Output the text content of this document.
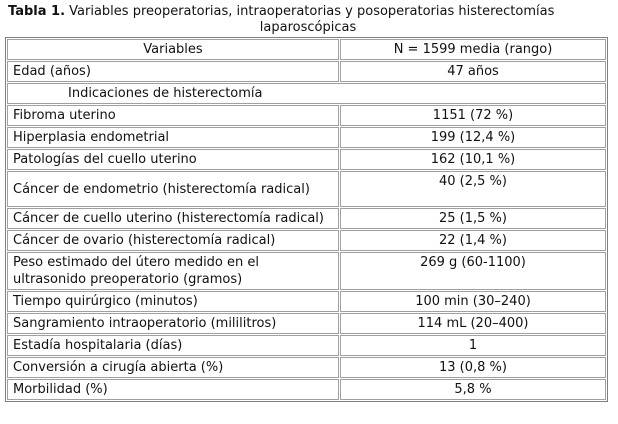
Tabla 1. Variables preoperatorias, intraoperatorias y posoperatorias histerectomías
laparoscópicas
Variables	N = 1599 media (rango)
Edad (años)	47 años
Indicaciones de histerectomía	
Fibroma uterino	1151 (72 %)
Hiperplasia endometrial	199 (12,4 %)
Patologías del cuello uterino	162 (10,1 %)
Cáncer de endometrio (histerectomía radical)	40 (2,5 %)
Cáncer de cuello uterino (histerectomía radical)	25 (1,5 %)
Cáncer de ovario (histerectomía radical)	22 (1,4 %)
Peso estimado del útero medido en el ultrasonido preoperatorio (gramos)	269 g (60-1100)
Tiempo quirúrgico (minutos)	100 min (30–240)
Sangramiento intraoperatorio (mililitros)	114 mL (20–400)
Estadía hospitalaria (días)	1
Conversión a cirugía abierta (%)	13 (0,8 %)
Morbilidad (%)	5,8 %
